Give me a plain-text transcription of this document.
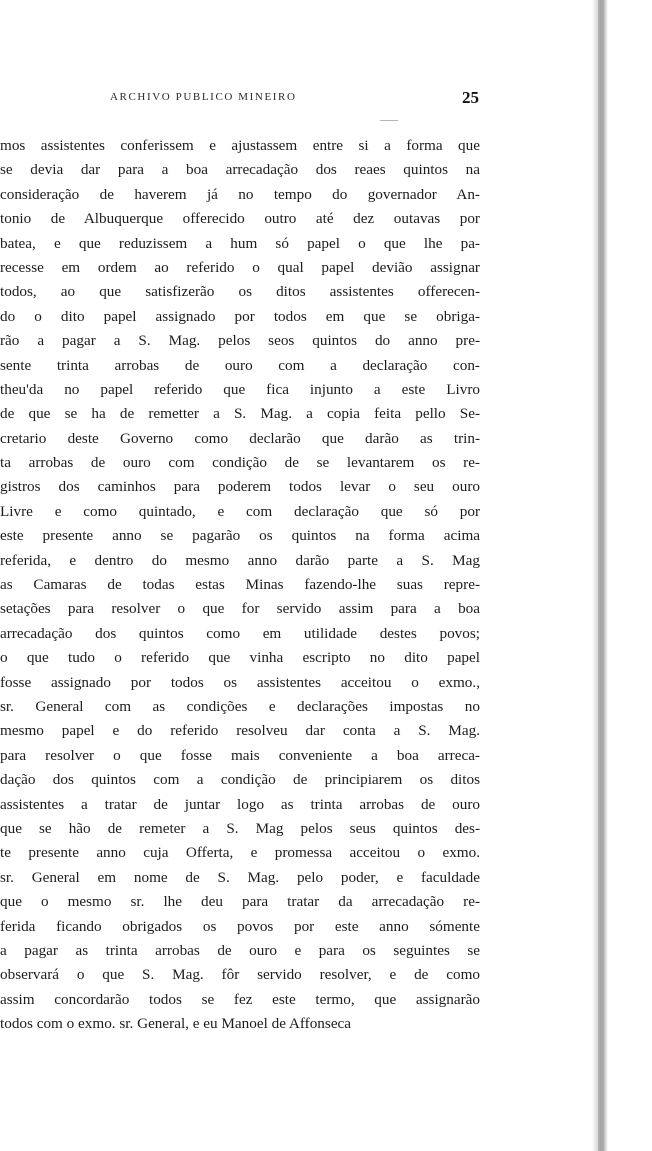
ARCHIVO PUBLICO MINEIRO	25
mos assistentes conferissem e ajustassem entre si a forma que
se devia dar para a boa arrecadação dos reaes quintos na
consideração de haverem já no tempo do governador An-
tonio de Albuquerque offerecido outro até dez outavas por
batea, e que reduzissem a hum só papel o que lhe pa-
recesse em ordem ao referido o qual papel devião assignar
todos, ao que satisfizerão os ditos assistentes offerecen-
do o dito papel assignado por todos em que se obriga-
rão a pagar a S. Mag. pelos seos quintos do anno pre-
sente trinta arrobas de ouro com a declaração con-
theu'da no papel referido que fica injunto a este Livro
de que se ha de remetter a S. Mag. a copia feita pello Se-
cretario deste Governo como declarão que darão as trin-
ta arrobas de ouro com condição de se levantarem os re-
gistros dos caminhos para poderem todos levar o seu ouro
Livre e como quintado, e com declaração que só por
este presente anno se pagarão os quintos na forma acima
referida, e dentro do mesmo anno darão parte a S. Mag
as Camaras de todas estas Minas fazendo-lhe suas repre-
setações para resolver o que for servido assim para a boa
arrecadação dos quintos como em utilidade destes povos;
o que tudo o referido que vinha escripto no dito papel
fosse assignado por todos os assistentes acceitou o exmo.,
sr. General com as condições e declarações impostas no
mesmo papel e do referido resolveu dar conta a S. Mag.
para resolver o que fosse mais conveniente a boa arreca-
dação dos quintos com a condição de principiarem os ditos
assistentes a tratar de juntar logo as trinta arrobas de ouro
que se hão de remeter a S. Mag pelos seus quintos des-
te presente anno cuja Offerta, e promessa acceitou o exmo.
sr. General em nome de S. Mag. pelo poder, e faculdade
que o mesmo sr. lhe deu para tratar da arrecadação re-
ferida ficando obrigados os povos por este anno sómente
a pagar as trinta arrobas de ouro e para os seguintes se
observará o que S. Mag. fôr servido resolver, e de como
assim concordarão todos se fez este termo, que assignarão
todos com o exmo. sr. General, e eu Manoel de Affonseca
